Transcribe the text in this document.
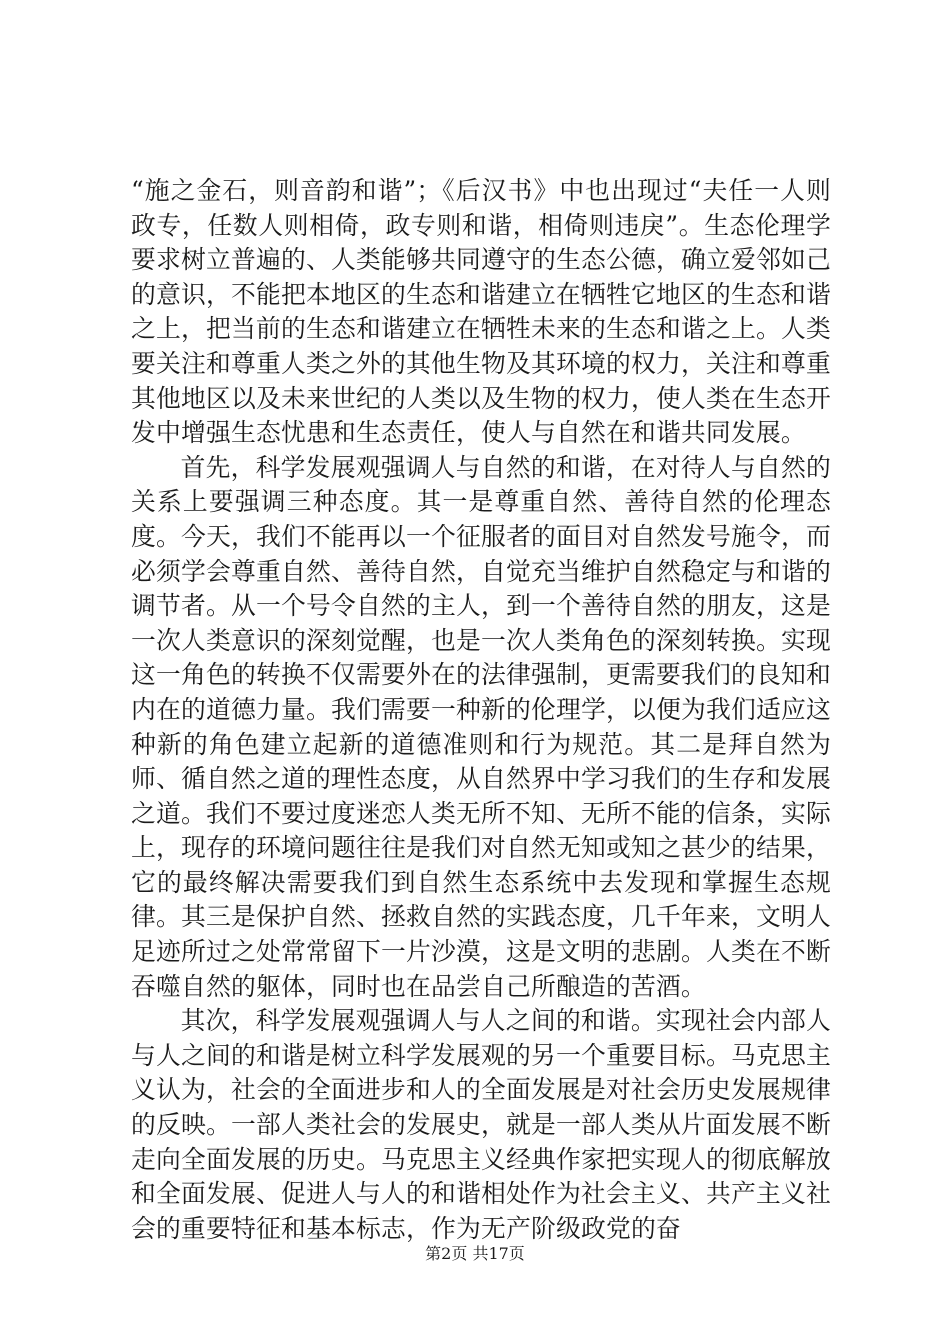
“施之金石，则音韵和谐”；《后汉书》中也出现过“夫任一人则政专，任数人则相倚，政专则和谐，相倚则违戾”。生态伦理学要求树立普遍的、人类能够共同遵守的生态公德，确立爱邻如己的意识，不能把本地区的生态和谐建立在牺牲它地区的生态和谐之上，把当前的生态和谐建立在牺牲未来的生态和谐之上。人类要关注和尊重人类之外的其他生物及其环境的权力，关注和尊重其他地区以及未来世纪的人类以及生物的权力，使人类在生态开发中增强生态忧患和生态责任，使人与自然在和谐共同发展。

首先，科学发展观强调人与自然的和谐，在对待人与自然的关系上要强调三种态度。其一是尊重自然、善待自然的伦理态度。今天，我们不能再以一个征服者的面目对自然发号施令，而必须学会尊重自然、善待自然，自觉充当维护自然稳定与和谐的调节者。从一个号令自然的主人，到一个善待自然的朋友，这是一次人类意识的深刻觉醒，也是一次人类角色的深刻转换。实现这一角色的转换不仅需要外在的法律强制，更需要我们的良知和内在的道德力量。我们需要一种新的伦理学，以便为我们适应这种新的角色建立起新的道德准则和行为规范。其二是拜自然为师、循自然之道的理性态度，从自然界中学习我们的生存和发展之道。我们不要过度迷恋人类无所不知、无所不能的信条，实际上，现存的环境问题往往是我们对自然无知或知之甚少的结果，它的最终解决需要我们到自然生态系统中去发现和掌握生态规律。其三是保护自然、拯救自然的实践态度，几千年来，文明人足迹所过之处常常留下一片沙漠，这是文明的悲剧。人类在不断吞噬自然的躯体，同时也在品尝自己所酿造的苦酒。

其次，科学发展观强调人与人之间的和谐。实现社会内部人与人之间的和谐是树立科学发展观的另一个重要目标。马克思主义认为，社会的全面进步和人的全面发展是对社会历史发展规律的反映。一部人类社会的发展史，就是一部人类从片面发展不断走向全面发展的历史。马克思主义经典作家把实现人的彻底解放和全面发展、促进人与人的和谐相处作为社会主义、共产主义社会的重要特征和基本标志，作为无产阶级政党的奋

第2页 共17页
